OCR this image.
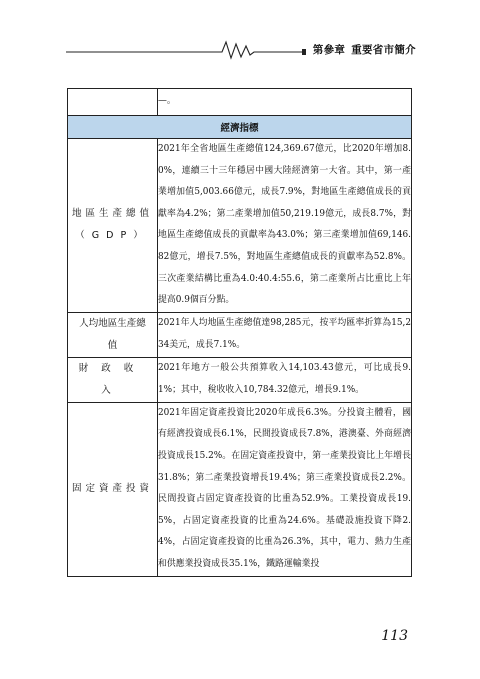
第參章 重要省市簡介
	—。
經濟指標	

地區生產總值
（GDP）	2021年全省地區生產總值124,369.67億元，比2020年增加8.0%，連續三十三年穩居中國大陸經濟第一大省。其中，第一產業增加值5,003.66億元，成長7.9%，對地區生產總值成長的貢獻率為4.2%；第二產業增加值50,219.19億元，成長8.7%，對地區生產總值成長的貢獻率為43.0%；第三產業增加值69,146.82億元，增長7.5%，對地區生產總值成長的貢獻率為52.8%。三次產業結構比重為4.0:40.4:55.6，第二產業所占比重比上年提高0.9個百分點。

人均地區生產總
值	2021年人均地區生產總值達98,285元，按平均匯率折算為15,234美元，成長7.1%。

財政收入	2021年地方一般公共預算收入14,103.43億元，可比成長9.1%；其中，稅收收入10,784.32億元，增長9.1%。

固定資產投資	2021年固定資產投資比2020年成長6.3%。分投資主體看，國有經濟投資成長6.1%，民間投資成長7.8%，港澳臺、外商經濟投資成長15.2%。在固定資產投資中，第一產業投資比上年增長31.8%；第二產業投資增長19.4%；第三產業投資成長2.2%。民間投資占固定資產投資的比重為52.9%。工業投資成長19.5%，占固定資產投資的比重為24.6%。基礎設施投資下降2.4%，占固定資產投資的比重為26.3%，其中，電力、熱力生產和供應業投資成長35.1%，鐵路運輸業投
113
